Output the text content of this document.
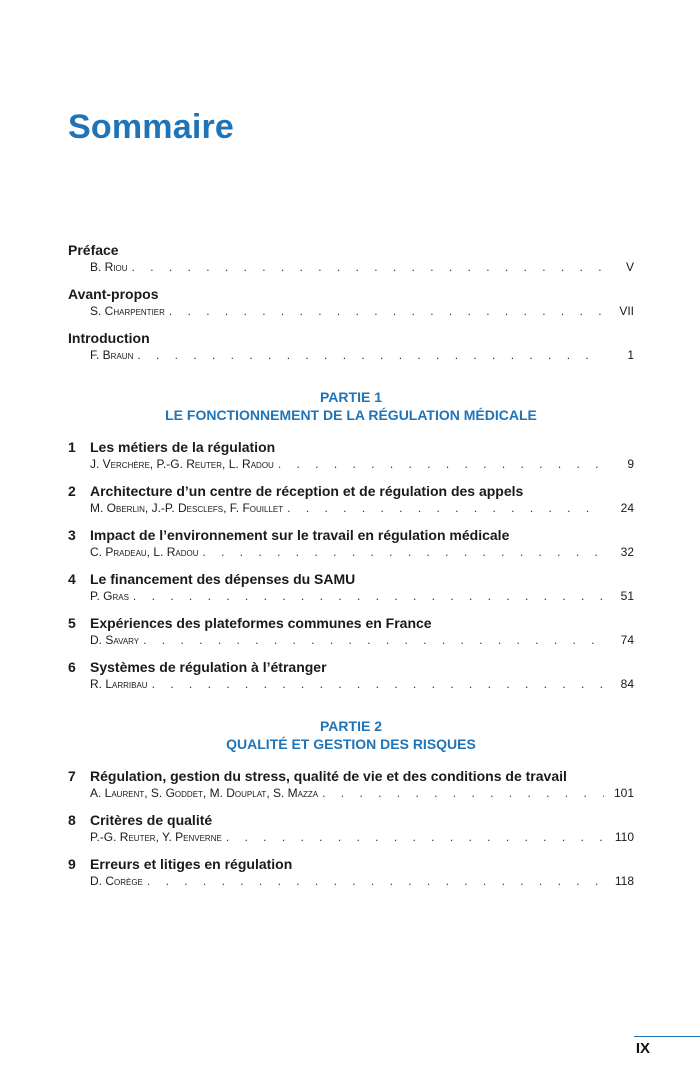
Sommaire
Préface
B. Riou . . .	V
Avant-propos
S. Charpentier . . .	VII
Introduction
F. Braun . . .	1
PARTIE 1
LE FONCTIONNEMENT DE LA RÉGULATION MÉDICALE
1 Les métiers de la régulation
J. Verchère, P.-G. Reuter, L. Radou . . .	9
2 Architecture d’un centre de réception et de régulation des appels
M. Oberlin, J.-P. Desclefs, F. Fouillet . . .	24
3 Impact de l’environnement sur le travail en régulation médicale
C. Pradeau, L. Radou . . .	32
4 Le financement des dépenses du SAMU
P. Gras . . .	51
5 Expériences des plateformes communes en France
D. Savary . . .	74
6 Systèmes de régulation à l’étranger
R. Larribau . . .	84
PARTIE 2
QUALITÉ ET GESTION DES RISQUES
7 Régulation, gestion du stress, qualité de vie et des conditions de travail
A. Laurent, S. Goddet, M. Douplat, S. Mazza . . .	101
8 Critères de qualité
P.-G. Reuter, Y. Penverne . . .	110
9 Erreurs et litiges en régulation
D. Corège . . .	118
IX
